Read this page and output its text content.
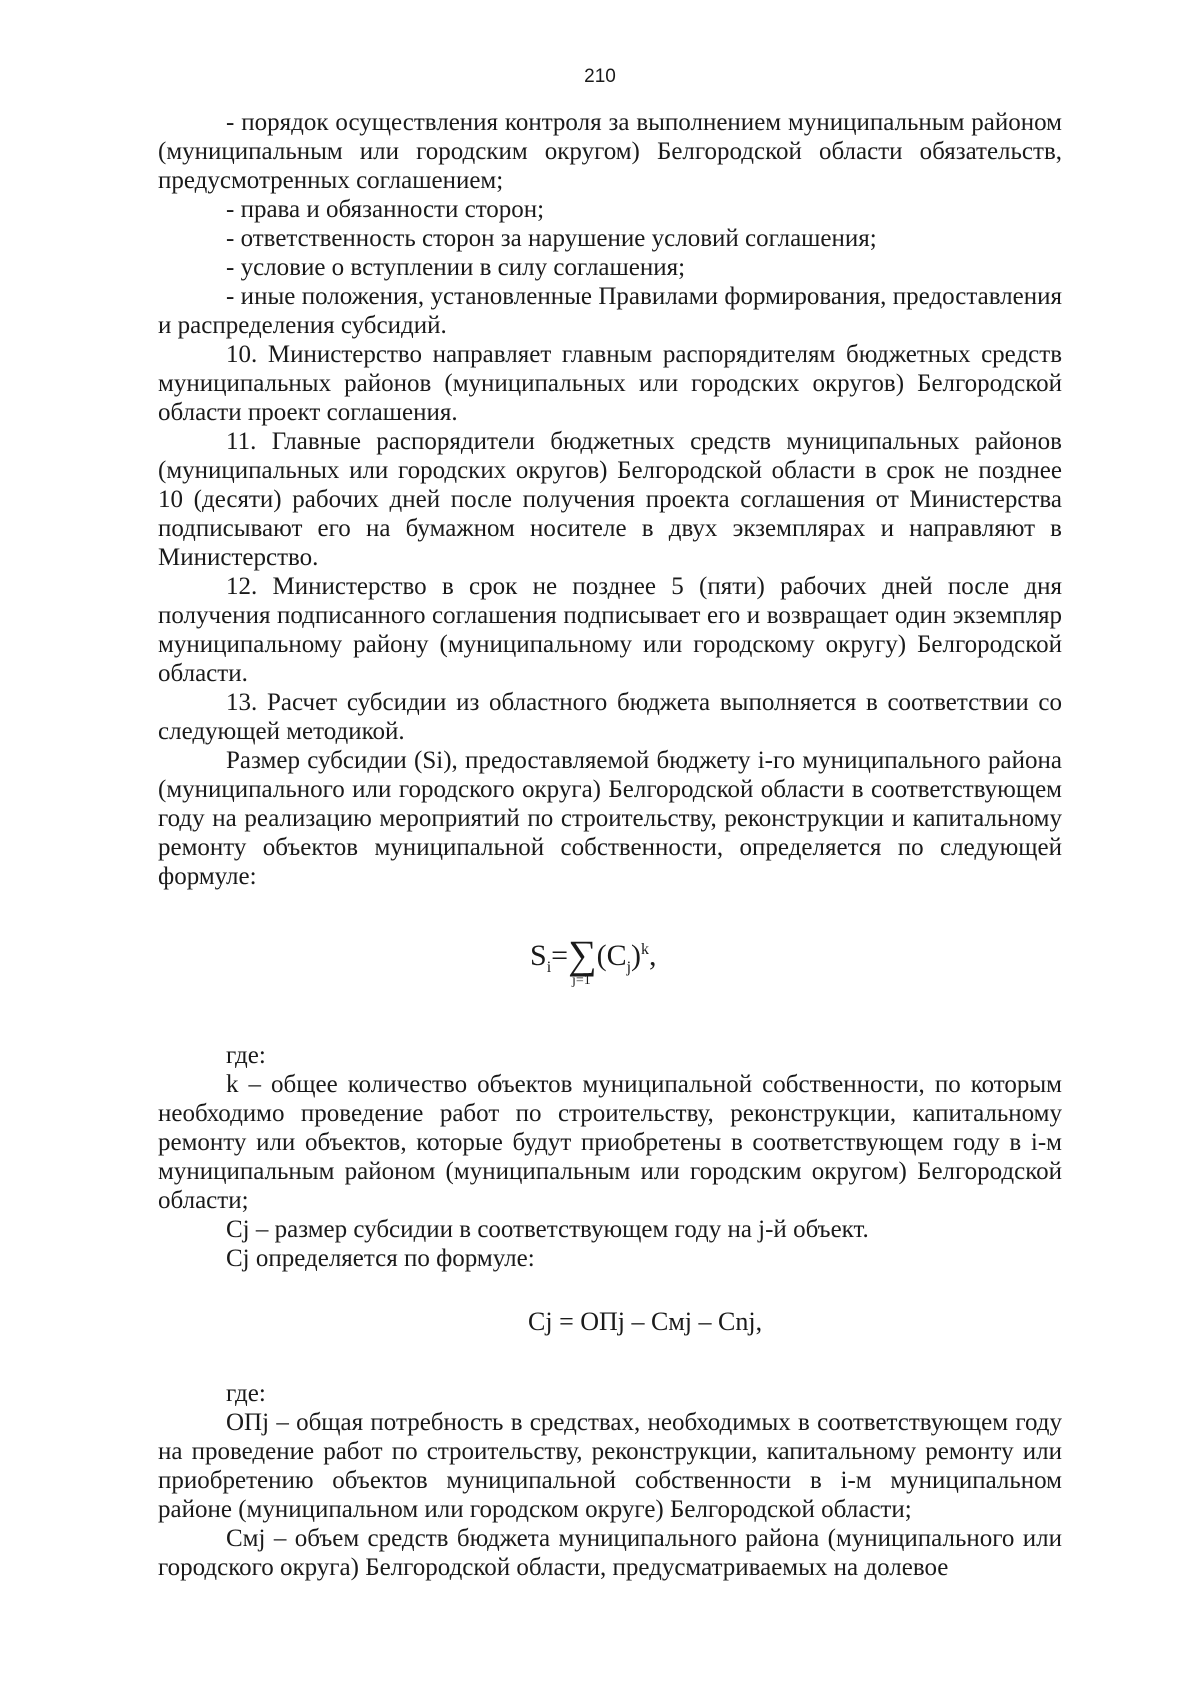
210

- порядок осуществления контроля за выполнением муниципальным районом (муниципальным или городским округом) Белгородской области обязательств, предусмотренных соглашением;

- права и обязанности сторон;

- ответственность сторон за нарушение условий соглашения;

- условие о вступлении в силу соглашения;

- иные положения, установленные Правилами формирования, предоставления и распределения субсидий.

10. Министерство направляет главным распорядителям бюджетных средств муниципальных районов (муниципальных или городских округов) Белгородской области проект соглашения.

11. Главные распорядители бюджетных средств муниципальных районов (муниципальных или городских округов) Белгородской области в срок не позднее 10 (десяти) рабочих дней после получения проекта соглашения от Министерства подписывают его на бумажном носителе в двух экземплярах и направляют в Министерство.

12. Министерство в срок не позднее 5 (пяти) рабочих дней после дня получения подписанного соглашения подписывает его и возвращает один экземпляр муниципальному району (муниципальному или городскому округу) Белгородской области.

13. Расчет субсидии из областного бюджета выполняется в соответствии со следующей методикой.

Размер субсидии (Si), предоставляемой бюджету i-го муниципального района (муниципального или городского округа) Белгородской области в соответствующем году на реализацию мероприятий по строительству, реконструкции и капитальному ремонту объектов муниципальной собственности, определяется по следующей формуле:

$S_i=\sum(C_j)^k$,
j=1

где:

k – общее количество объектов муниципальной собственности, по которым необходимо проведение работ по строительству, реконструкции, капитальному ремонту или объектов, которые будут приобретены в соответствующем году в i-м муниципальным районом (муниципальным или городским округом) Белгородской области;

Cj – размер субсидии в соответствующем году на j-й объект.

Cj определяется по формуле:

Cj = ОПj – Cмj – Cnj,

где:

ОПj – общая потребность в средствах, необходимых в соответствующем году на проведение работ по строительству, реконструкции, капитальному ремонту или приобретению объектов муниципальной собственности в i-м муниципальном районе (муниципальном или городском округе) Белгородской области;

Cмj – объем средств бюджета муниципального района (муниципального или городского округа) Белгородской области, предусматриваемых на долевое
